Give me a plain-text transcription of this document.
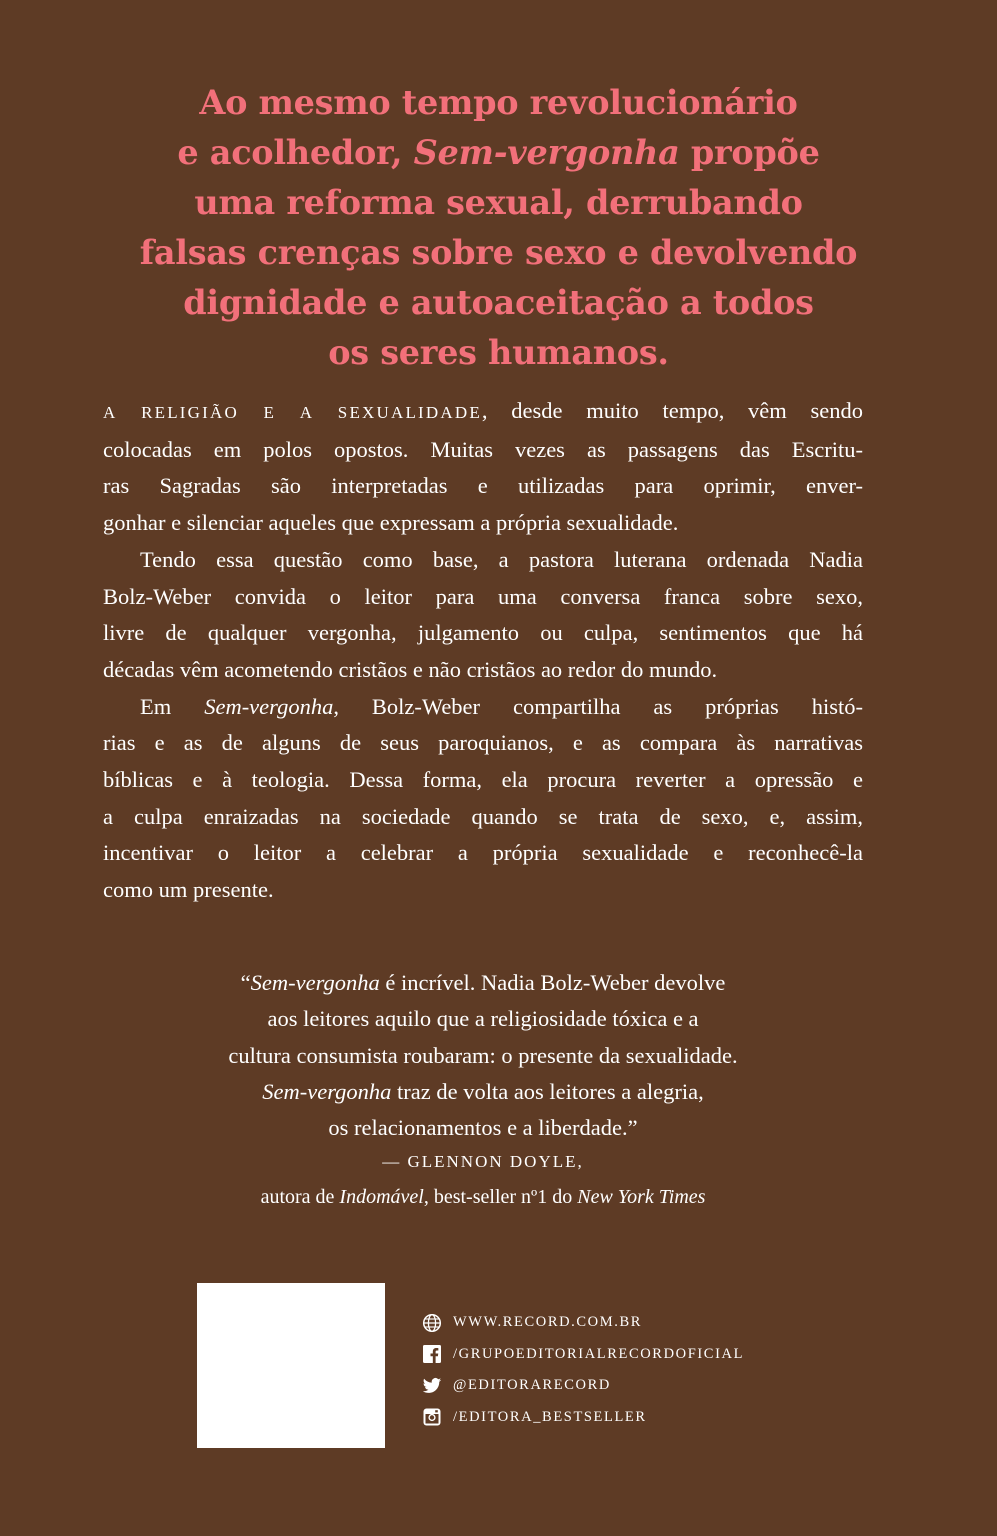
Ao mesmo tempo revolucionário
e acolhedor, Sem-vergonha propõe
uma reforma sexual, derrubando
falsas crenças sobre sexo e devolvendo
dignidade e autoaceitação a todos
os seres humanos.
A RELIGIÃO E A SEXUALIDADE, desde muito tempo, vêm sendo
colocadas em polos opostos. Muitas vezes as passagens das Escritu-
ras Sagradas são interpretadas e utilizadas para oprimir, enver-
gonhar e silenciar aqueles que expressam a própria sexualidade.
Tendo essa questão como base, a pastora luterana ordenada Nadia
Bolz-Weber convida o leitor para uma conversa franca sobre sexo,
livre de qualquer vergonha, julgamento ou culpa, sentimentos que há
décadas vêm acometendo cristãos e não cristãos ao redor do mundo.
Em Sem-vergonha, Bolz-Weber compartilha as próprias histó-
rias e as de alguns de seus paroquianos, e as compara às narrativas
bíblicas e à teologia. Dessa forma, ela procura reverter a opressão e
a culpa enraizadas na sociedade quando se trata de sexo, e, assim,
incentivar o leitor a celebrar a própria sexualidade e reconhecê-la
como um presente.
“Sem-vergonha é incrível. Nadia Bolz-Weber devolve
aos leitores aquilo que a religiosidade tóxica e a
cultura consumista roubaram: o presente da sexualidade.
Sem-vergonha traz de volta aos leitores a alegria,
os relacionamentos e a liberdade.”
— GLENNON DOYLE,
autora de Indomável, best-seller nº1 do New York Times
WWW.RECORD.COM.BR
/GRUPOEDITORIALRECORDOFICIAL
@EDITORARECORD
/EDITORA_BESTSELLER
